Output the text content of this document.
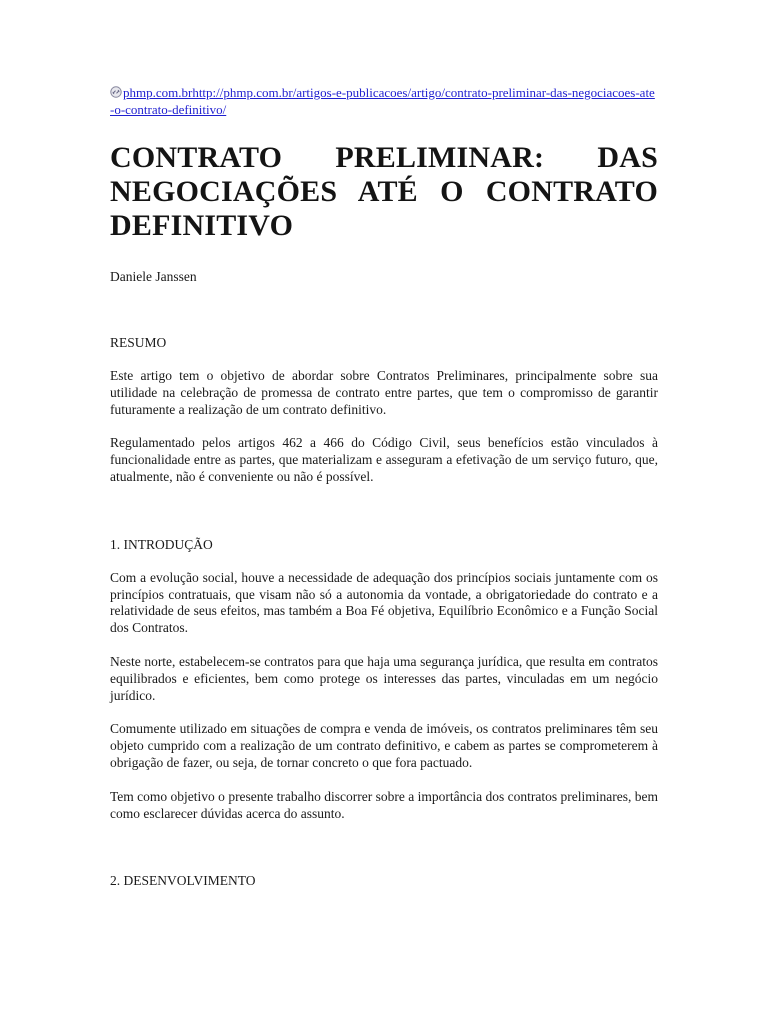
phmp.com.brhttp://phmp.com.br/artigos-e-publicacoes/artigo/contrato-preliminar-das-negociacoes-ate-o-contrato-definitivo/

CONTRATO PRELIMINAR: DAS NEGOCIAÇÕES ATÉ O CONTRATO DEFINITIVO

Daniele Janssen

RESUMO

Este artigo tem o objetivo de abordar sobre Contratos Preliminares, principalmente sobre sua utilidade na celebração de promessa de contrato entre partes, que tem o compromisso de garantir futuramente a realização de um contrato definitivo.

Regulamentado pelos artigos 462 a 466 do Código Civil, seus benefícios estão vinculados à funcionalidade entre as partes, que materializam e asseguram a efetivação de um serviço futuro, que, atualmente, não é conveniente ou não é possível.

1. INTRODUÇÃO

Com a evolução social, houve a necessidade de adequação dos princípios sociais juntamente com os princípios contratuais, que visam não só a autonomia da vontade, a obrigatoriedade do contrato e a relatividade de seus efeitos, mas também a Boa Fé objetiva, Equilíbrio Econômico e a Função Social dos Contratos.

Neste norte, estabelecem-se contratos para que haja uma segurança jurídica, que resulta em contratos equilibrados e eficientes, bem como protege os interesses das partes, vinculadas em um negócio jurídico.

Comumente utilizado em situações de compra e venda de imóveis, os contratos preliminares têm seu objeto cumprido com a realização de um contrato definitivo, e cabem as partes se comprometerem à obrigação de fazer, ou seja, de tornar concreto o que fora pactuado.

Tem como objetivo o presente trabalho discorrer sobre a importância dos contratos preliminares, bem como esclarecer dúvidas acerca do assunto.

2. DESENVOLVIMENTO
